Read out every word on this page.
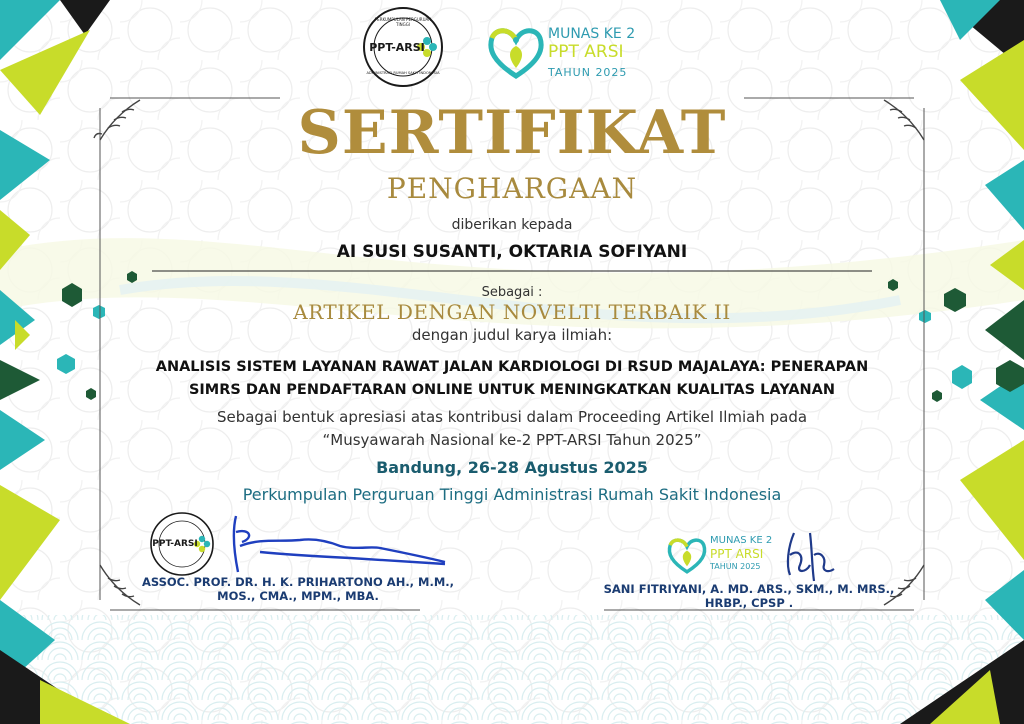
PPT-ARSI
PERKUMPULAN PERGURUAN TINGGI
ADMINISTRASI RUMAH SAKIT INDONESIA
MUNAS KE 2
PPT ARSI
TAHUN 2025
SERTIFIKAT
PENGHARGAAN
diberikan kepada
AI SUSI SUSANTI, OKTARIA SOFIYANI
Sebagai :
ARTIKEL DENGAN NOVELTI TERBAIK II
dengan judul karya ilmiah:
ANALISIS SISTEM LAYANAN RAWAT JALAN KARDIOLOGI DI RSUD MAJALAYA: PENERAPAN
SIMRS DAN PENDAFTARAN ONLINE UNTUK MENINGKATKAN KUALITAS LAYANAN
Sebagai bentuk apresiasi atas kontribusi dalam Proceeding Artikel Ilmiah pada
“Musyawarah Nasional ke-2 PPT-ARSI Tahun 2025”
Bandung, 26-28 Agustus 2025
Perkumpulan Perguruan Tinggi Administrasi Rumah Sakit Indonesia
PPT-ARSI
ASSOC. PROF. DR. H. K. PRIHARTONO AH., M.M.,
MOS., CMA., MPM., MBA.
MUNAS KE 2
PPT ARSI
TAHUN 2025
SANI FITRIYANI, A. MD. ARS., SKM., M. MRS.,
HRBP., CPSP .
